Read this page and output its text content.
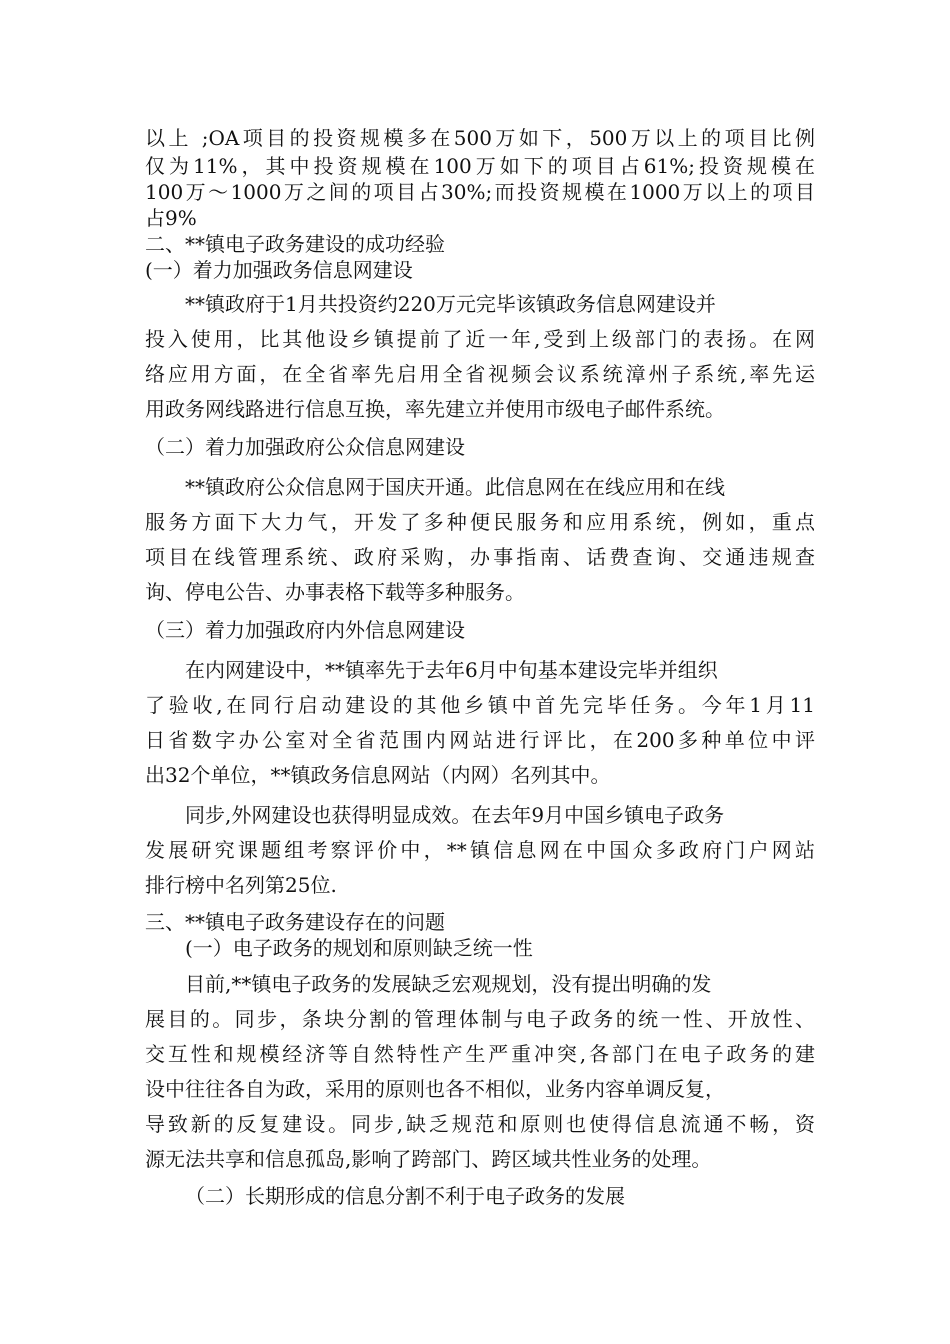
以上 ;OA项目的投资规模多在500万如下，500万以上的项目比例
仅为11%，其中投资规模在100万如下的项目占61%;投资规模在
100万～1000万之间的项目占30%;而投资规模在1000万以上的项目
占9%
二、**镇电子政务建设的成功经验
(一）着力加强政务信息网建设
**镇政府于1月共投资约220万元完毕该镇政务信息网建设并
投入使用，比其他设乡镇提前了近一年,受到上级部门的表扬。在网
络应用方面，在全省率先启用全省视频会议系统漳州子系统,率先运
用政务网线路进行信息互换，率先建立并使用市级电子邮件系统。
（二）着力加强政府公众信息网建设
**镇政府公众信息网于国庆开通。此信息网在在线应用和在线
服务方面下大力气，开发了多种便民服务和应用系统，例如，重点
项目在线管理系统、政府采购，办事指南、话费查询、交通违规查
询、停电公告、办事表格下载等多种服务。
（三）着力加强政府内外信息网建设
在内网建设中，**镇率先于去年6月中旬基本建设完毕并组织
了验收,在同行启动建设的其他乡镇中首先完毕任务。今年1月11
日省数字办公室对全省范围内网站进行评比，在200多种单位中评
出32个单位，**镇政务信息网站（内网）名列其中。
同步,外网建设也获得明显成效。在去年9月中国乡镇电子政务
发展研究课题组考察评价中，**镇信息网在中国众多政府门户网站
排行榜中名列第25位.
三、**镇电子政务建设存在的问题
(一）电子政务的规划和原则缺乏统一性
目前,**镇电子政务的发展缺乏宏观规划，没有提出明确的发
展目的。同步，条块分割的管理体制与电子政务的统一性、开放性、
交互性和规模经济等自然特性产生严重冲突,各部门在电子政务的建
设中往往各自为政，采用的原则也各不相似，业务内容单调反复，
导致新的反复建设。同步,缺乏规范和原则也使得信息流通不畅，资
源无法共享和信息孤岛,影响了跨部门、跨区域共性业务的处理。
（二）长期形成的信息分割不利于电子政务的发展
